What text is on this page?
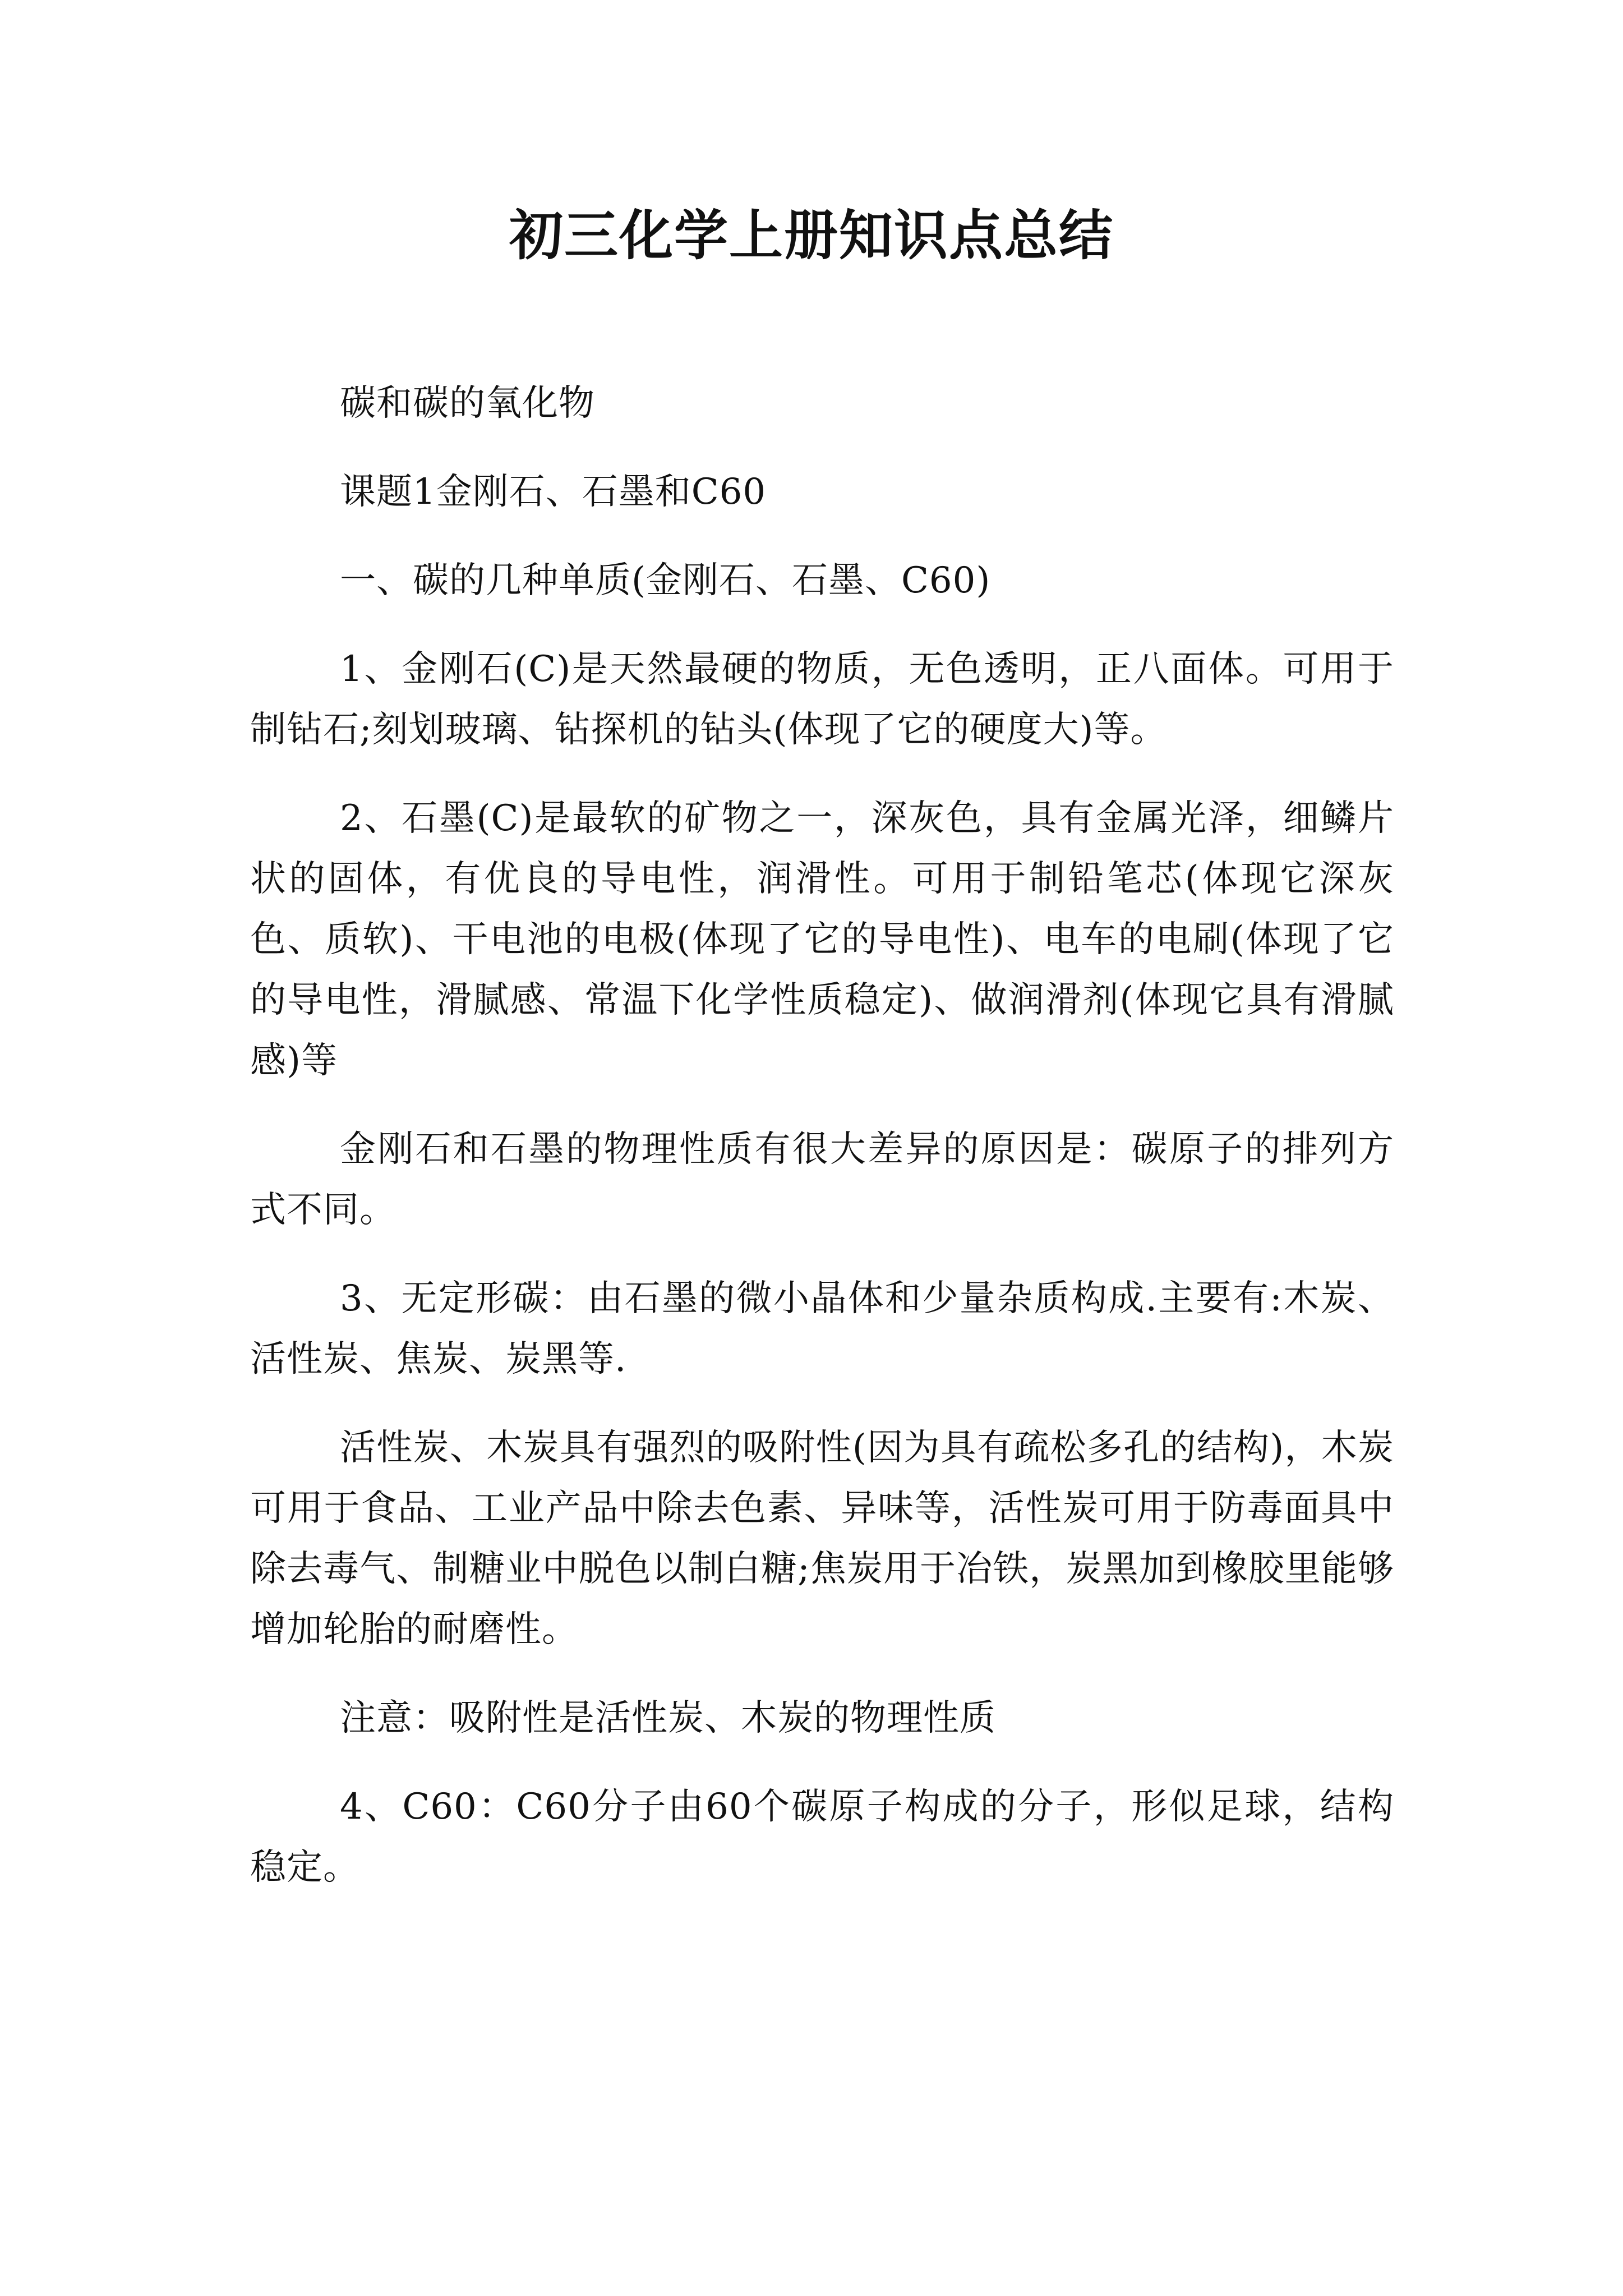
初三化学上册知识点总结

碳和碳的氧化物

课题1金刚石、石墨和C60

一、碳的几种单质(金刚石、石墨、C60)

1、金刚石(C)是天然最硬的物质，无色透明，正八面体。可用于制钻石;刻划玻璃、钻探机的钻头(体现了它的硬度大)等。

2、石墨(C)是最软的矿物之一，深灰色，具有金属光泽，细鳞片状的固体，有优良的导电性，润滑性。可用于制铅笔芯(体现它深灰色、质软)、干电池的电极(体现了它的导电性)、电车的电刷(体现了它的导电性，滑腻感、常温下化学性质稳定)、做润滑剂(体现它具有滑腻感)等

金刚石和石墨的物理性质有很大差异的原因是：碳原子的排列方式不同。

3、无定形碳：由石墨的微小晶体和少量杂质构成.主要有:木炭、活性炭、焦炭、炭黑等.

活性炭、木炭具有强烈的吸附性(因为具有疏松多孔的结构)，木炭可用于食品、工业产品中除去色素、异味等，活性炭可用于防毒面具中除去毒气、制糖业中脱色以制白糖;焦炭用于冶铁，炭黑加到橡胶里能够增加轮胎的耐磨性。

注意：吸附性是活性炭、木炭的物理性质

4、C60：C60分子由60个碳原子构成的分子，形似足球，结构稳定。
